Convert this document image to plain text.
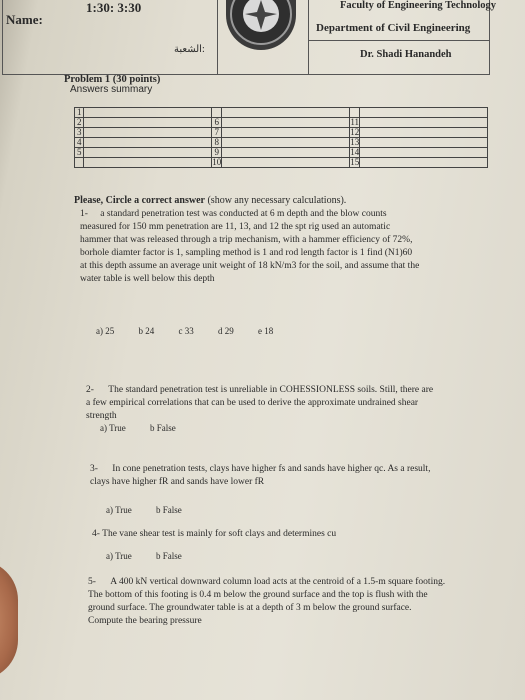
1:30: 3:30
Name:
Faculty of Engineering Technology
Department of Civil Engineering
Dr. Shadi Hanandeh
الشعبة:
Problem 1 (30 points)
Answers summary
1					
2		6		11	
3		7		12	
4		8		13	
5		9		14	
		10		15	
Please, Circle a correct answer (show any necessary calculations).
1- a standard penetration test was conducted at 6 m depth and the blow counts measured for 150 mm penetration are 11, 13, and 12 the spt rig used an automatic hammer that was released through a trip mechanism, with a hammer efficiency of 72%, borhole diamter factor is 1, sampling method is 1 and rod length factor is 1 find (N1)60 at this depth assume an average unit weight of 18 kN/m3 for the soil, and assume that the water table is well below this depth
a) 25	b 24	c 33	d 29	e 18
2- The standard penetration test is unreliable in COHESSIONLESS soils. Still, there are a few empirical correlations that can be used to derive the approximate undrained shear strength
a) True	b False
3- In cone penetration tests, clays have higher fs and sands have higher qc. As a result, clays have higher fR and sands have lower fR
a) True	b False
4- The vane shear test is mainly for soft clays and determines cu
a) True	b False
5- A 400 kN vertical downward column load acts at the centroid of a 1.5-m square footing. The bottom of this footing is 0.4 m below the ground surface and the top is flush with the ground surface. The groundwater table is at a depth of 3 m below the ground surface. Compute the bearing pressure
